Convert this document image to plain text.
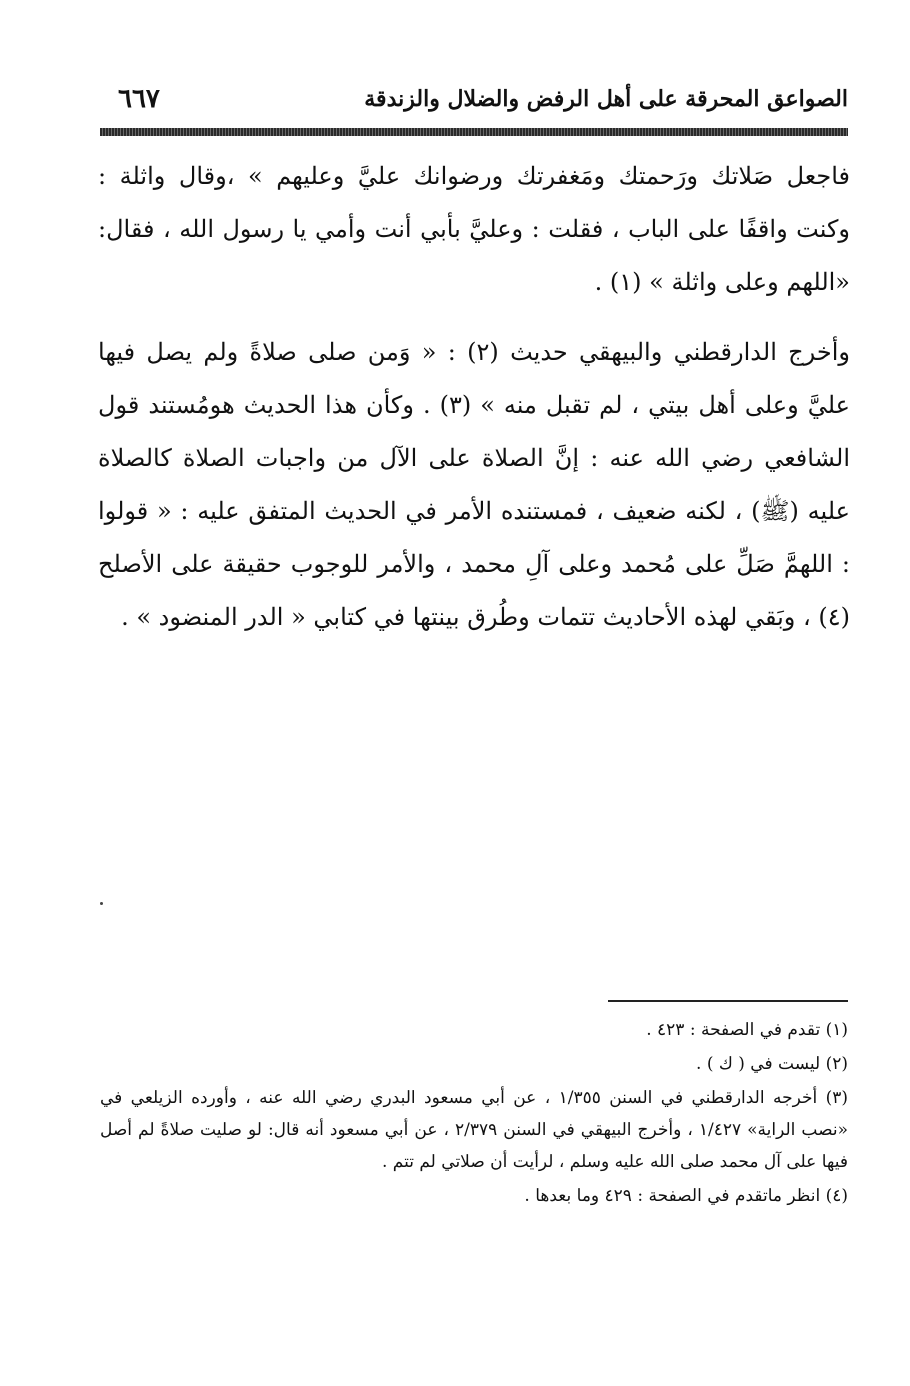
الصواعق المحرقة على أهل الرفض والضلال والزندقة
٦٦٧

فاجعل صَلاتك ورَحمتك ومَغفرتك ورضوانك عليَّ وعليهم » ،وقال واثلة : وكنت واقفًا على الباب ، فقلت : وعليَّ بأبي أنت وأمي يا رسول الله ، فقال: «اللهم وعلى واثلة » (١) .

وأخرج الدارقطني والبيهقي حديث (٢) : « وَمن صلى صلاةً ولم يصل فيها عليَّ وعلى أهل بيتي ، لم تقبل منه » (٣) . وكأن هذا الحديث هومُستند قول الشافعي رضي الله عنه : إنَّ الصلاة على الآل من واجبات الصلاة كالصلاة عليه (ﷺ) ، لكنه ضعيف ، فمستنده الأمر في الحديث المتفق عليه : « قولوا : اللهمَّ صَلِّ على مُحمد وعلى آلِ محمد ، والأمر للوجوب حقيقة على الأصلح (٤) ، وبَقي لهذه الأحاديث تتمات وطُرق بينتها في كتابي « الدر المنضود » .

(١) تقدم في الصفحة : ٤٢٣ .

(٢) ليست في ( ك ) .

(٣) أخرجه الدارقطني في السنن ١/٣٥٥ ، عن أبي مسعود البدري رضي الله عنه ، وأورده الزيلعي في «نصب الراية» ١/٤٢٧ ، وأخرج البيهقي في السنن ٢/٣٧٩ ، عن أبي مسعود أنه قال: لو صليت صلاةً لم أصل فيها على آل محمد صلى الله عليه وسلم ، لرأيت أن صلاتي لم تتم .

(٤) انظر ماتقدم في الصفحة : ٤٢٩ وما بعدها .
